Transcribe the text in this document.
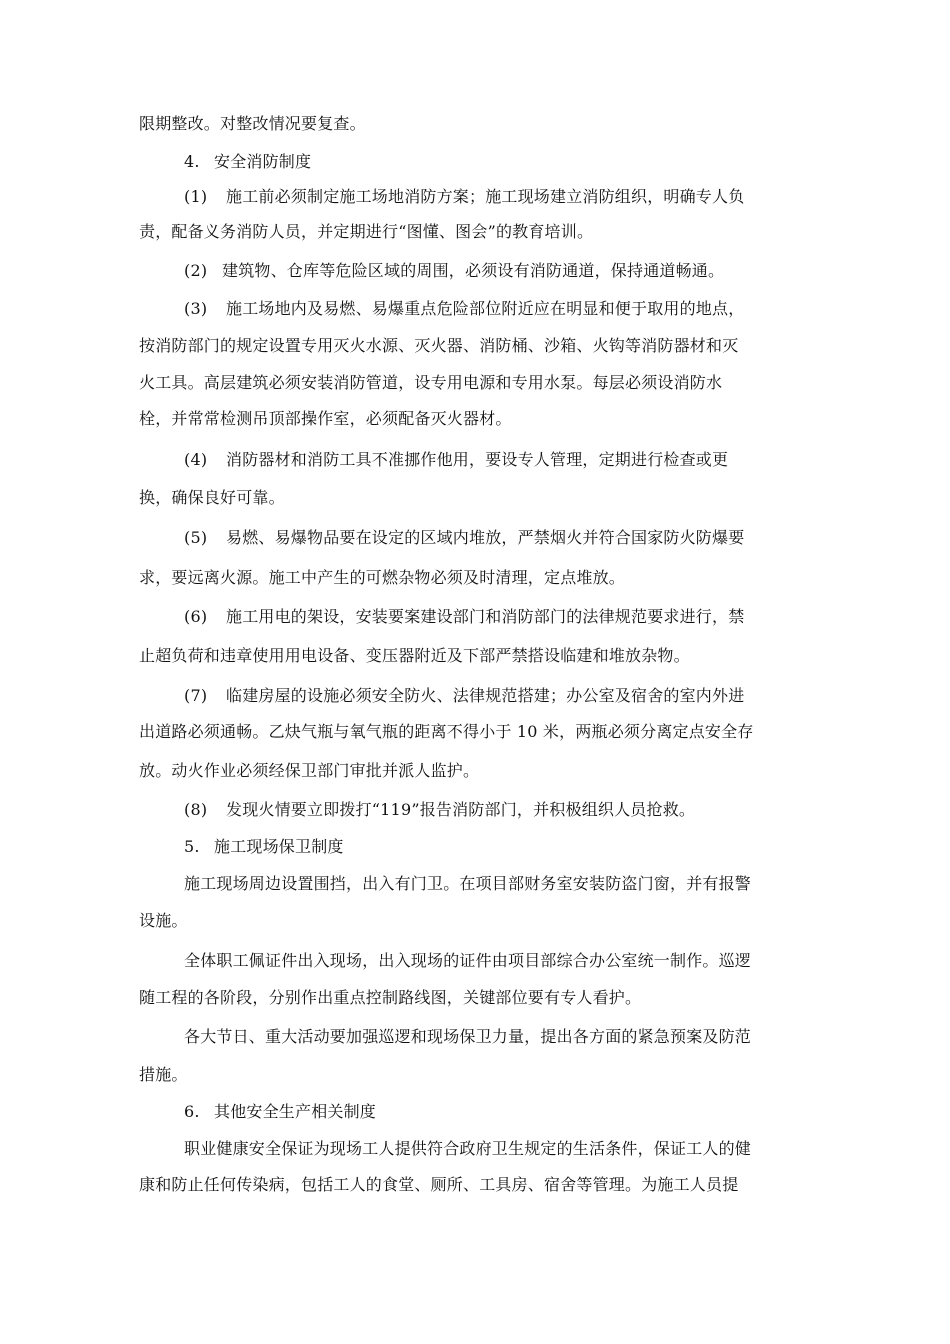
限期整改。对整改情况要复查。
4. 安全消防制度
(1) 施工前必须制定施工场地消防方案；施工现场建立消防组织，明确专人负
责，配备义务消防人员，并定期进行“图懂、图会”的教育培训。
(2) 建筑物、仓库等危险区域的周围，必须设有消防通道，保持通道畅通。
(3) 施工场地内及易燃、易爆重点危险部位附近应在明显和便于取用的地点，
按消防部门的规定设置专用灭火水源、灭火器、消防桶、沙箱、火钩等消防器材和灭
火工具。高层建筑必须安装消防管道，设专用电源和专用水泵。每层必须设消防水
栓，并常常检测吊顶部操作室，必须配备灭火器材。
(4) 消防器材和消防工具不准挪作他用，要设专人管理，定期进行检查或更
换，确保良好可靠。
(5) 易燃、易爆物品要在设定的区域内堆放，严禁烟火并符合国家防火防爆要
求，要远离火源。施工中产生的可燃杂物必须及时清理，定点堆放。
(6) 施工用电的架设，安装要案建设部门和消防部门的法律规范要求进行，禁
止超负荷和违章使用用电设备、变压器附近及下部严禁搭设临建和堆放杂物。
(7) 临建房屋的设施必须安全防火、法律规范搭建；办公室及宿舍的室内外进
出道路必须通畅。乙炔气瓶与氧气瓶的距离不得小于 10 米，两瓶必须分离定点安全存
放。动火作业必须经保卫部门审批并派人监护。
(8) 发现火情要立即拨打“119”报告消防部门，并积极组织人员抢救。
5. 施工现场保卫制度
施工现场周边设置围挡，出入有门卫。在项目部财务室安装防盗门窗，并有报警
设施。
全体职工佩证件出入现场，出入现场的证件由项目部综合办公室统一制作。巡逻
随工程的各阶段，分别作出重点控制路线图，关键部位要有专人看护。
各大节日、重大活动要加强巡逻和现场保卫力量，提出各方面的紧急预案及防范
措施。
6. 其他安全生产相关制度
职业健康安全保证为现场工人提供符合政府卫生规定的生活条件，保证工人的健
康和防止任何传染病，包括工人的食堂、厕所、工具房、宿舍等管理。为施工人员提
